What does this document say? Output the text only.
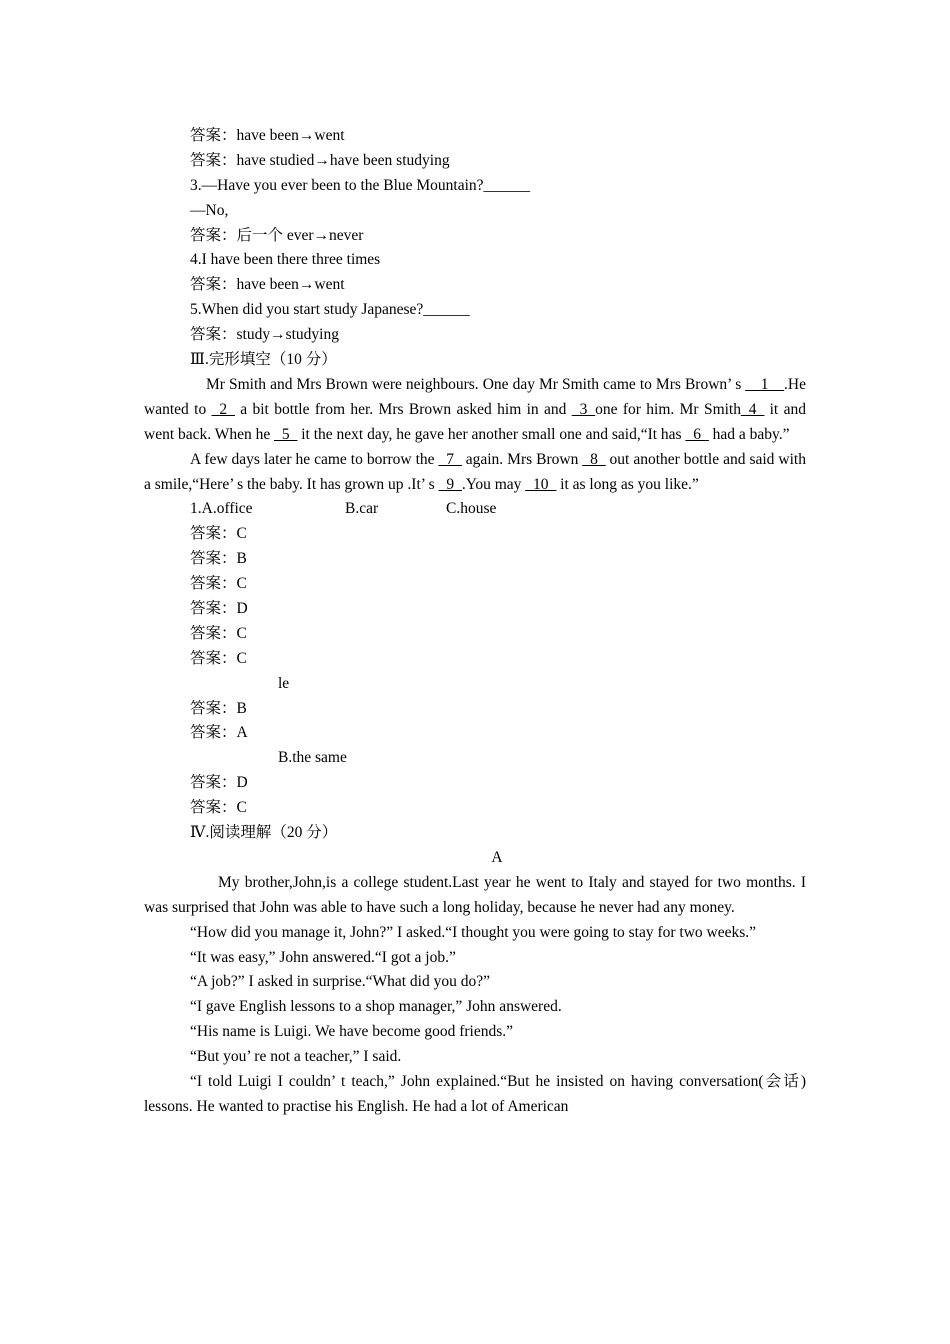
答案：have been→went
答案：have studied→have been studying
3.—Have you ever been to the Blue Mountain?______
—No,
答案：后一个 ever→never
4.I have been there three times
答案：have been→went
5.When did you start study Japanese?______
答案：study→studying
Ⅲ.完形填空（10 分）
Mr Smith and Mrs Brown were neighbours. One day Mr Smith came to Mrs Brown’ s __1__.He wanted to _2_ a bit bottle from her. Mrs Brown asked him in and _3_one for him. Mr Smith_4_ it and went back. When he _5_ it the next day, he gave her another small one and said,“It has _6_ had a baby.”
A few days later he came to borrow the _7_ again. Mrs Brown _8_ out another bottle and said with a smile,“Here’ s the baby. It has grown up .It’ s _9_.You may _10_ it as long as you like.”
1.A.office	B.car	C.house
答案：C
答案：B
答案：C
答案：D
答案：C
答案：C
le
答案：B
答案：A
B.the same
答案：D
答案：C
Ⅳ.阅读理解（20 分）
A
My brother,John,is a college student.Last year he went to Italy and stayed for two months. I was surprised that John was able to have such a long holiday, because he never had any money.
“How did you manage it, John?” I asked.“I thought you were going to stay for two weeks.”
“It was easy,” John answered.“I got a job.”
“A job?” I asked in surprise.“What did you do?”
“I gave English lessons to a shop manager,” John answered.
“His name is Luigi. We have become good friends.”
“But you’ re not a teacher,” I said.
“I told Luigi I couldn’ t teach,” John explained.“But he insisted on having conversation(会话) lessons. He wanted to practise his English. He had a lot of American
